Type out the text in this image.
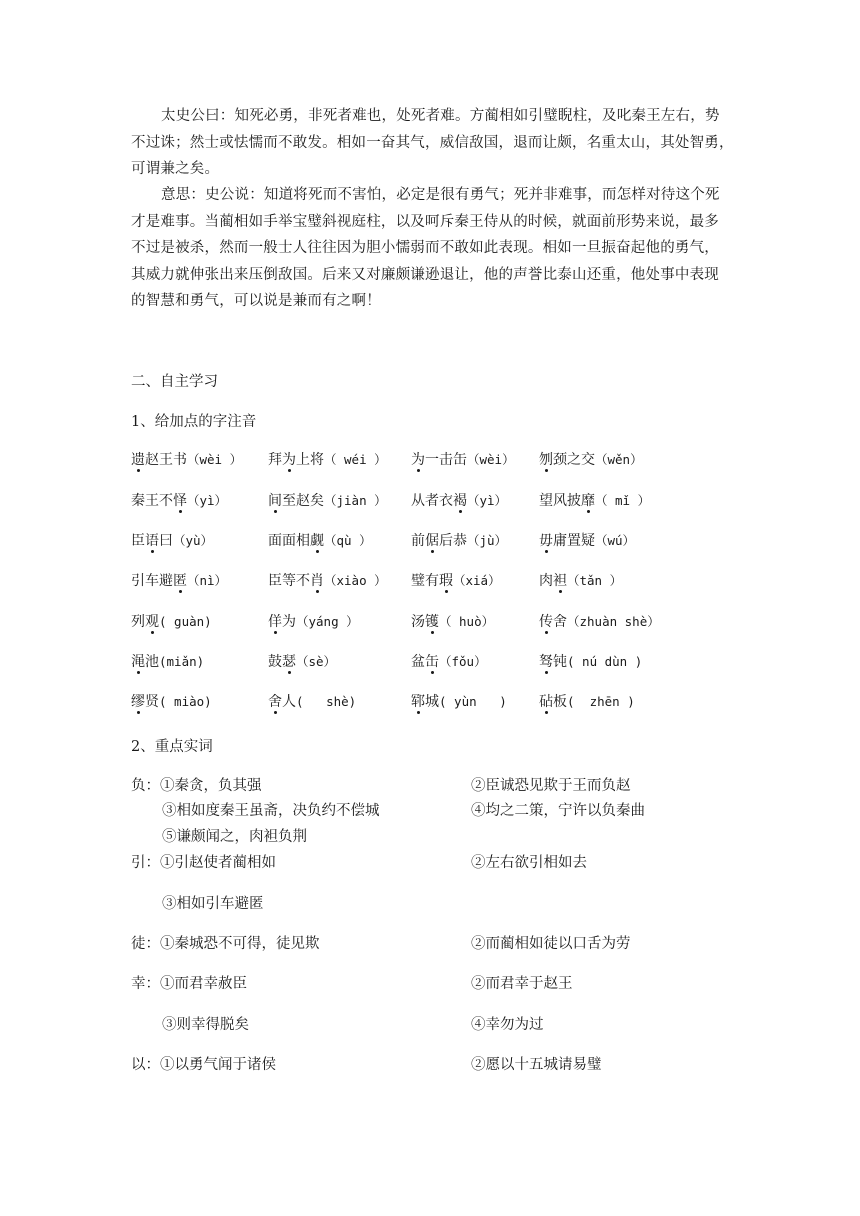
太史公曰：知死必勇，非死者难也，处死者难。方蔺相如引璧睨柱，及叱秦王左右，势
不过诛；然士或怯懦而不敢发。相如一奋其气，威信敌国，退而让颇，名重太山，其处智勇，
可谓兼之矣。

意思：史公说：知道将死而不害怕，必定是很有勇气；死并非难事，而怎样对待这个死
才是难事。当蔺相如手举宝璧斜视庭柱，以及呵斥秦王侍从的时候，就面前形势来说，最多
不过是被杀，然而一般士人往往因为胆小懦弱而不敢如此表现。相如一旦振奋起他的勇气，
其威力就伸张出来压倒敌国。后来又对廉颇谦逊退让，他的声誉比泰山还重，他处事中表现
的智慧和勇气，可以说是兼而有之啊！

二、自主学习
1、给加点的字注音
遗赵王书（wèi ） 拜为上将（ wéi ） 为一击缶（wèi） 刎颈之交（wěn）
秦王不怿（yì）	间至赵矣（jiàn ） 从者衣褐（yì） 望风披靡（ mǐ ）
臣语曰（yù）	面面相觑（qù ）	前倨后恭（jù） 毋庸置疑（wú）
引车避匿（nì）	臣等不肖（xiào ） 璧有瑕（xiá）	肉袒（tǎn ）
列观( guàn)	佯为（yáng ）	汤镬（ huò）	传舍（zhuàn shè）
渑池(miǎn)	鼓瑟（sè）	盆缶（fǒu）	驽钝( nú dùn )
缪贤( miào)	舍人(   shè)	郓城( yùn   ) 砧板(  zhēn )
2、重点实词
负：①秦贪，负其强	②臣诚恐见欺于王而负赵
③相如度秦王虽斋，决负约不偿城	④均之二策，宁许以负秦曲
⑤谦颇闻之，肉袒负荆
引：①引赵使者蔺相如	②左右欲引相如去
③相如引车避匿
徒：①秦城恐不可得，徒见欺	②而蔺相如徒以口舌为劳
幸：①而君幸赦臣	②而君幸于赵王
③则幸得脱矣	④幸勿为过
以：①以勇气闻于诸侯	②愿以十五城请易璧
